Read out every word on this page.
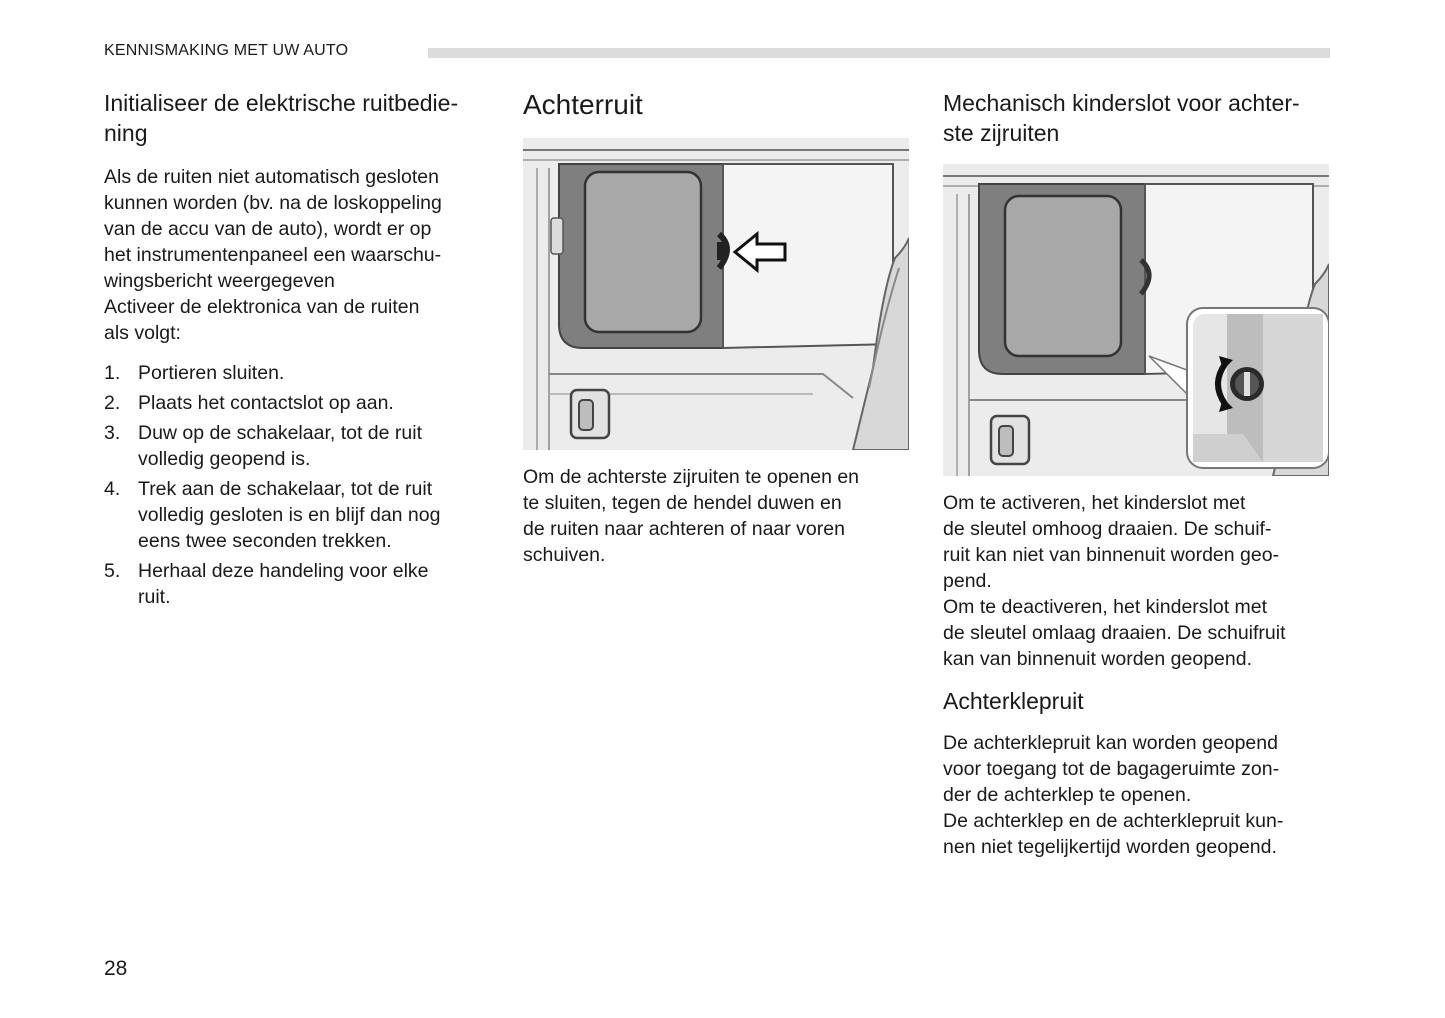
KENNISMAKING MET UW AUTO
Initialiseer de elektrische ruitbedie-
ning

Als de ruiten niet automatisch gesloten
kunnen worden (bv. na de loskoppeling
van de accu van de auto), wordt er op
het instrumentenpaneel een waarschu-
wingsbericht weergegeven
Activeer de elektronica van de ruiten
als volgt:

1. Portieren sluiten.
2. Plaats het contactslot op aan.
3. Duw op de schakelaar, tot de ruit
volledig geopend is.
4. Trek aan de schakelaar, tot de ruit
volledig gesloten is en blijf dan nog
eens twee seconden trekken.
5. Herhaal deze handeling voor elke
ruit.
Achterruit

Om de achterste zijruiten te openen en
te sluiten, tegen de hendel duwen en
de ruiten naar achteren of naar voren
schuiven.

Mechanisch kinderslot voor achter-
ste zijruiten

Om te activeren, het kinderslot met
de sleutel omhoog draaien. De schuif-
ruit kan niet van binnenuit worden geo-
pend.
Om te deactiveren, het kinderslot met
de sleutel omlaag draaien. De schuifruit
kan van binnenuit worden geopend.

Achterklepruit

De achterklepruit kan worden geopend
voor toegang tot de bagageruimte zon-
der de achterklep te openen.
De achterklep en de achterklepruit kun-
nen niet tegelijkertijd worden geopend.

28
